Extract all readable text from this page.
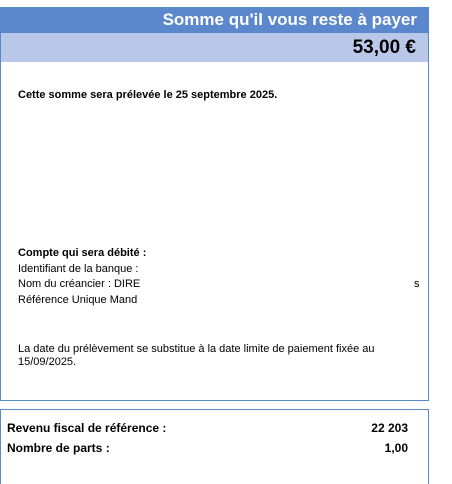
Somme qu'il vous reste à payer
53,00 €
Cette somme sera prélevée le 25 septembre 2025.
Compte qui sera débité :
Identifiant de la banque :
Nom du créancier : DIRE
Référence Unique Mand
s
La date du prélèvement se substitue à la date limite de paiement fixée au 15/09/2025.
Revenu fiscal de référence :	22 203
Nombre de parts :	1,00
